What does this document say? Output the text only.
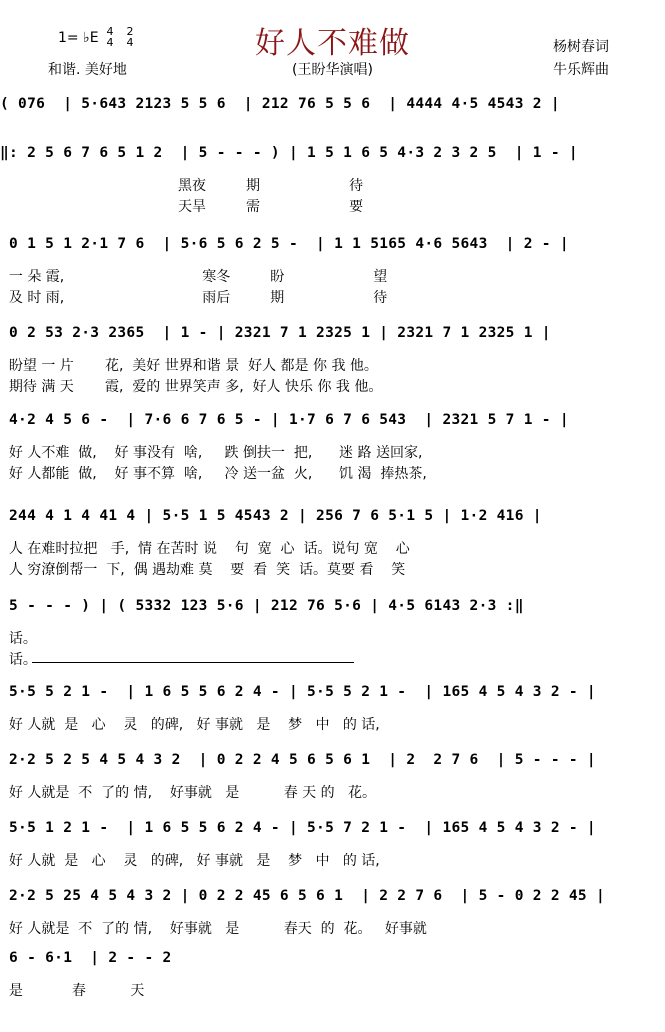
好人不难做
1= ♭E 4 2
4 4
和谐. 美好地	(王盼华演唱)
杨树春词
牛乐辉曲
( 076  | 5·643 2123 5 5 6  | 212 76 5 5 6  | 4444 4·5 4543 2 |
‖: 2 5 6 7 6 5 1 2  | 5 - - - ) | 1 5 1 6 5 4·3 2 3 2 5  | 1 - |
黑夜         期                    待
天旱         需                    要
0 1 5 1 2·1 7 6  | 5·6 5 6 2 5 -  | 1 1 5165 4·6 5643  | 2 - |
一 朵 霞,                               寒冬         盼                    望
及 时 雨,                               雨后         期                    待
0 2 53 2·3 2365  | 1 - | 2321 7 1 2325 1 | 2321 7 1 2325 1 |
盼望 一 片       花,  美好 世界和谐 景  好人 都是 你 我 他。
期待 满 天       霞,  爱的 世界笑声 多,  好人 快乐 你 我 他。
4·2 4 5 6 -  | 7·6 6 7 6 5 - | 1·7 6 7 6 543  | 2321 5 7 1 - |
好 人不难  做,    好 事没有  啥,     跌 倒扶一  把,      迷 路 送回家,
好 人都能  做,    好 事不算  啥,     冷 送一盆  火,      饥 渴  捧热茶,
244 4 1 4 41 4 | 5·5 1 5 4543 2 | 256 7 6 5·1 5 | 1·2 416 |
人 在难时拉把   手,  情 在苦时 说    句  宽  心  话。说句 宽    心
人 穷潦倒帮一  下,  偶 遇劫难 莫    要  看  笑  话。莫要 看    笑
5 - - - ) | ( 5332 123 5·6 | 212 76 5·6 | 4·5 6143 2·3 :‖
话。
话。
5·5 5 2 1 -  | 1 6 5 5 6 2 4 - | 5·5 5 2 1 -  | 165 4 5 4 3 2 - |
好 人就  是   心    灵   的碑,   好 事就   是    梦   中   的 话,
2·2 5 2 5 4 5 4 3 2  | 0 2 2 4 5 6 5 6 1  | 2  2 7 6  | 5 - - - |
好 人就是  不  了的 情,    好事就   是          春 天 的   花。
5·5 1 2 1 -  | 1 6 5 5 6 2 4 - | 5·5 7 2 1 -  | 165 4 5 4 3 2 - |
好 人就  是   心    灵   的碑,   好 事就   是    梦   中   的 话,
2·2 5 25 4 5 4 3 2 | 0 2 2 45 6 5 6 1  | 2 2 7 6  | 5 - 0 2 2 45 |
好 人就是  不  了的 情,    好事就   是          春天  的  花。   好事就
6 - 6·1  | 2 - - 2
是           春          天
